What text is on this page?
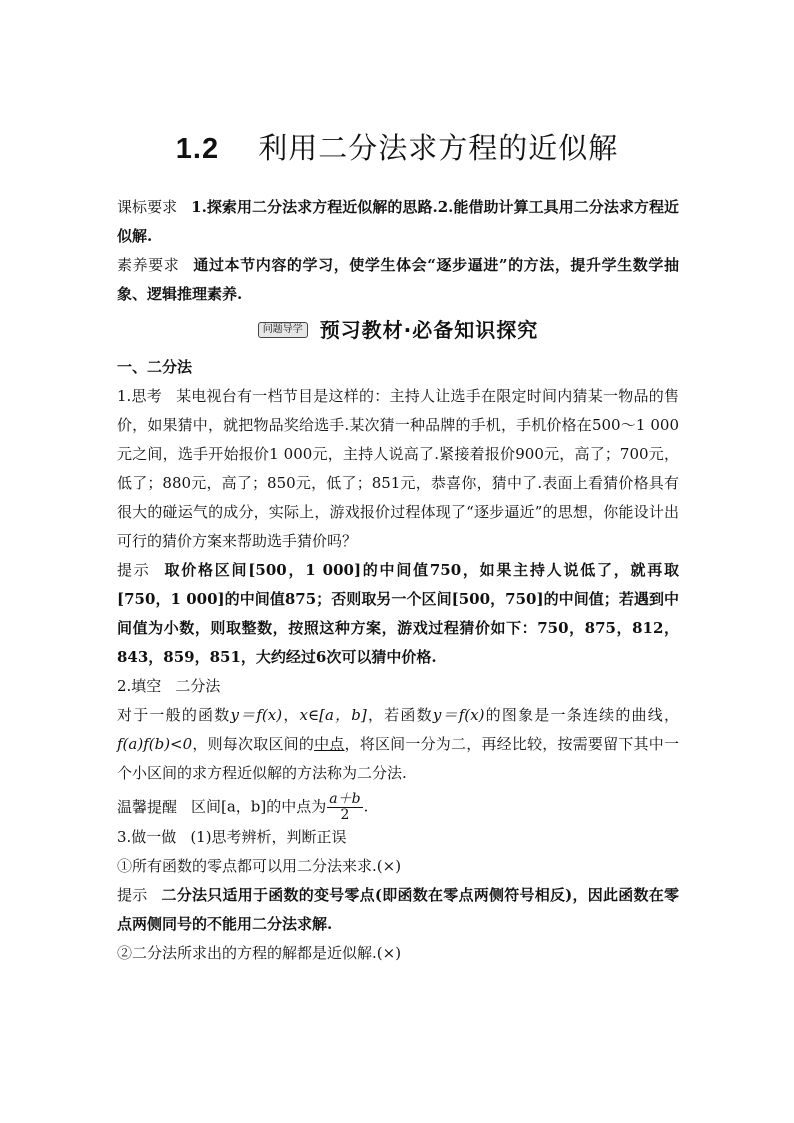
1.2 利用二分法求方程的近似解

课标要求 1.探索用二分法求方程近似解的思路.2.能借助计算工具用二分法求方程近似解.

素养要求 通过本节内容的学习，使学生体会“逐步逼进”的方法，提升学生数学抽象、逻辑推理素养.

问题导学 预习教材·必备知识探究

一、二分法

1.思考 某电视台有一档节目是这样的：主持人让选手在限定时间内猜某一物品的售价，如果猜中，就把物品奖给选手.某次猜一种品牌的手机，手机价格在500～1 000元之间，选手开始报价1 000元，主持人说高了.紧接着报价900元，高了；700元，低了；880元，高了；850元，低了；851元，恭喜你，猜中了.表面上看猜价格具有很大的碰运气的成分，实际上，游戏报价过程体现了“逐步逼近”的思想，你能设计出可行的猜价方案来帮助选手猜价吗？

提示 取价格区间[500，1 000]的中间值750，如果主持人说低了，就再取[750，1 000]的中间值875；否则取另一个区间[500，750]的中间值；若遇到中间值为小数，则取整数，按照这种方案，游戏过程猜价如下：750，875，812，843，859，851，大约经过6次可以猜中价格.

2.填空 二分法

对于一般的函数y＝f(x)，x∈[a，b]，若函数y＝f(x)的图象是一条连续的曲线，f(a)f(b)<0，则每次取区间的中点，将区间一分为二，再经比较，按需要留下其中一个小区间的求方程近似解的方法称为二分法.

温馨提醒 区间[a，b]的中点为 $\frac{a+b}{2}$ .

3.做一做 (1)思考辨析，判断正误

①所有函数的零点都可以用二分法来求.(×)

提示 二分法只适用于函数的变号零点(即函数在零点两侧符号相反)，因此函数在零点两侧同号的不能用二分法求解.

②二分法所求出的方程的解都是近似解.(×)
